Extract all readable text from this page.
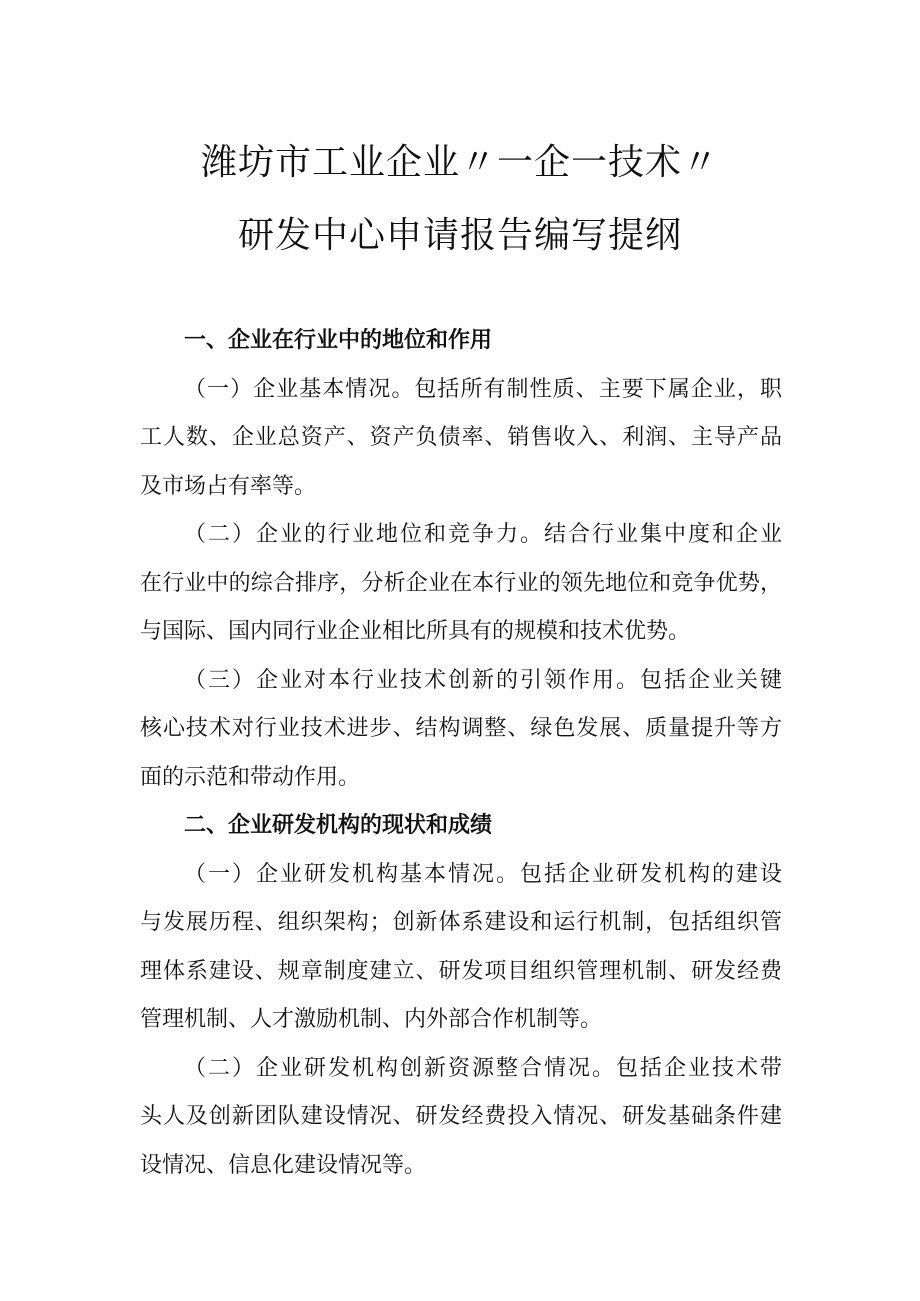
潍坊市工业企业〃一企一技术〃
研发中心申请报告编写提纲
一、企业在行业中的地位和作用
（一）企业基本情况。包括所有制性质、主要下属企业，职
工人数、企业总资产、资产负债率、销售收入、利润、主导产品
及市场占有率等。
（二）企业的行业地位和竞争力。结合行业集中度和企业
在行业中的综合排序，分析企业在本行业的领先地位和竞争优势，
与国际、国内同行业企业相比所具有的规模和技术优势。
（三）企业对本行业技术创新的引领作用。包括企业关键
核心技术对行业技术进步、结构调整、绿色发展、质量提升等方
面的示范和带动作用。
二、企业研发机构的现状和成绩
（一）企业研发机构基本情况。包括企业研发机构的建设
与发展历程、组织架构；创新体系建设和运行机制，包括组织管
理体系建设、规章制度建立、研发项目组织管理机制、研发经费
管理机制、人才激励机制、内外部合作机制等。
（二）企业研发机构创新资源整合情况。包括企业技术带
头人及创新团队建设情况、研发经费投入情况、研发基础条件建
设情况、信息化建设情况等。
